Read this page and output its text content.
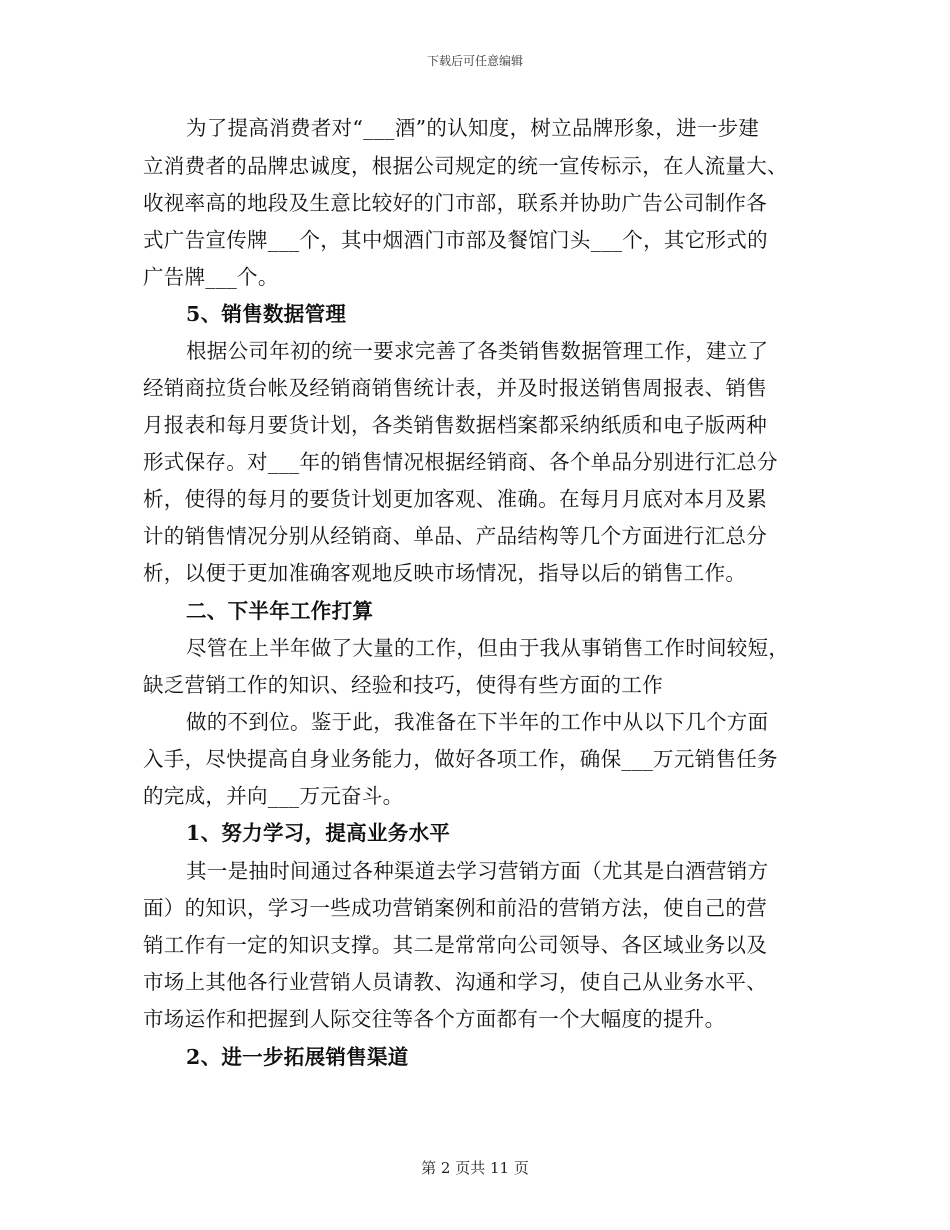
下载后可任意编辑
为了提高消费者对“___酒”的认知度，树立品牌形象，进一步建
立消费者的品牌忠诚度，根据公司规定的统一宣传标示，在人流量大、
收视率高的地段及生意比较好的门市部，联系并协助广告公司制作各
式广告宣传牌___个，其中烟酒门市部及餐馆门头___个，其它形式的
广告牌___个。
5、销售数据管理
根据公司年初的统一要求完善了各类销售数据管理工作，建立了
经销商拉货台帐及经销商销售统计表，并及时报送销售周报表、销售
月报表和每月要货计划，各类销售数据档案都采纳纸质和电子版两种
形式保存。对___年的销售情况根据经销商、各个单品分别进行汇总分
析，使得的每月的要货计划更加客观、准确。在每月月底对本月及累
计的销售情况分别从经销商、单品、产品结构等几个方面进行汇总分
析，以便于更加准确客观地反映市场情况，指导以后的销售工作。
二、下半年工作打算
尽管在上半年做了大量的工作，但由于我从事销售工作时间较短，
缺乏营销工作的知识、经验和技巧，使得有些方面的工作
做的不到位。鉴于此，我准备在下半年的工作中从以下几个方面
入手，尽快提高自身业务能力，做好各项工作，确保___万元销售任务
的完成，并向___万元奋斗。
1、努力学习，提高业务水平
其一是抽时间通过各种渠道去学习营销方面（尤其是白酒营销方
面）的知识，学习一些成功营销案例和前沿的营销方法，使自己的营
销工作有一定的知识支撑。其二是常常向公司领导、各区域业务以及
市场上其他各行业营销人员请教、沟通和学习，使自己从业务水平、
市场运作和把握到人际交往等各个方面都有一个大幅度的提升。
2、进一步拓展销售渠道
第 2 页共 11 页
